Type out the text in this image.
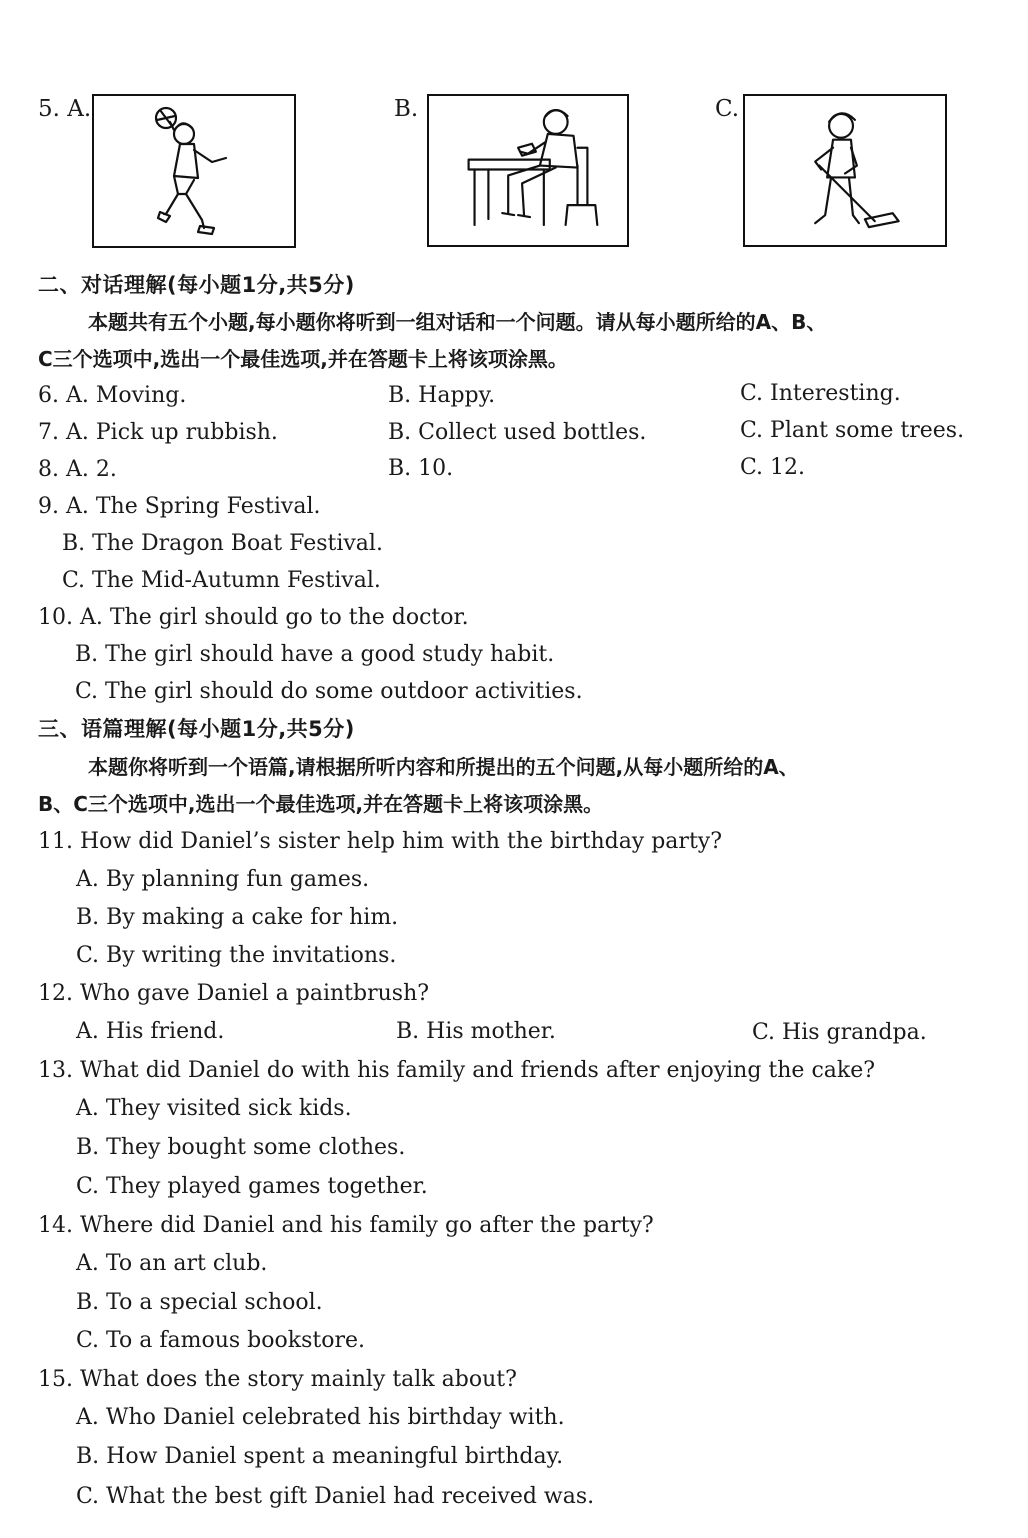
5. A.	B.	C.
二、对话理解(每小题1分,共5分)
本题共有五个小题,每小题你将听到一组对话和一个问题。请从每小题所给的A、B、
C三个选项中,选出一个最佳选项,并在答题卡上将该项涂黑。
6. A. Moving.	B. Happy.	C. Interesting.
7. A. Pick up rubbish.	B. Collect used bottles.	C. Plant some trees.
8. A. 2.	B. 10.	C. 12.
9. A. The Spring Festival.
B. The Dragon Boat Festival.
C. The Mid-Autumn Festival.
10. A. The girl should go to the doctor.
B. The girl should have a good study habit.
C. The girl should do some outdoor activities.
三、语篇理解(每小题1分,共5分)
本题你将听到一个语篇,请根据所听内容和所提出的五个问题,从每小题所给的A、
B、C三个选项中,选出一个最佳选项,并在答题卡上将该项涂黑。
11. How did Daniel’s sister help him with the birthday party?
A. By planning fun games.
B. By making a cake for him.
C. By writing the invitations.
12. Who gave Daniel a paintbrush?
A. His friend.	B. His mother.	C. His grandpa.
13. What did Daniel do with his family and friends after enjoying the cake?
A. They visited sick kids.
B. They bought some clothes.
C. They played games together.
14. Where did Daniel and his family go after the party?
A. To an art club.
B. To a special school.
C. To a famous bookstore.
15. What does the story mainly talk about?
A. Who Daniel celebrated his birthday with.
B. How Daniel spent a meaningful birthday.
C. What the best gift Daniel had received was.
